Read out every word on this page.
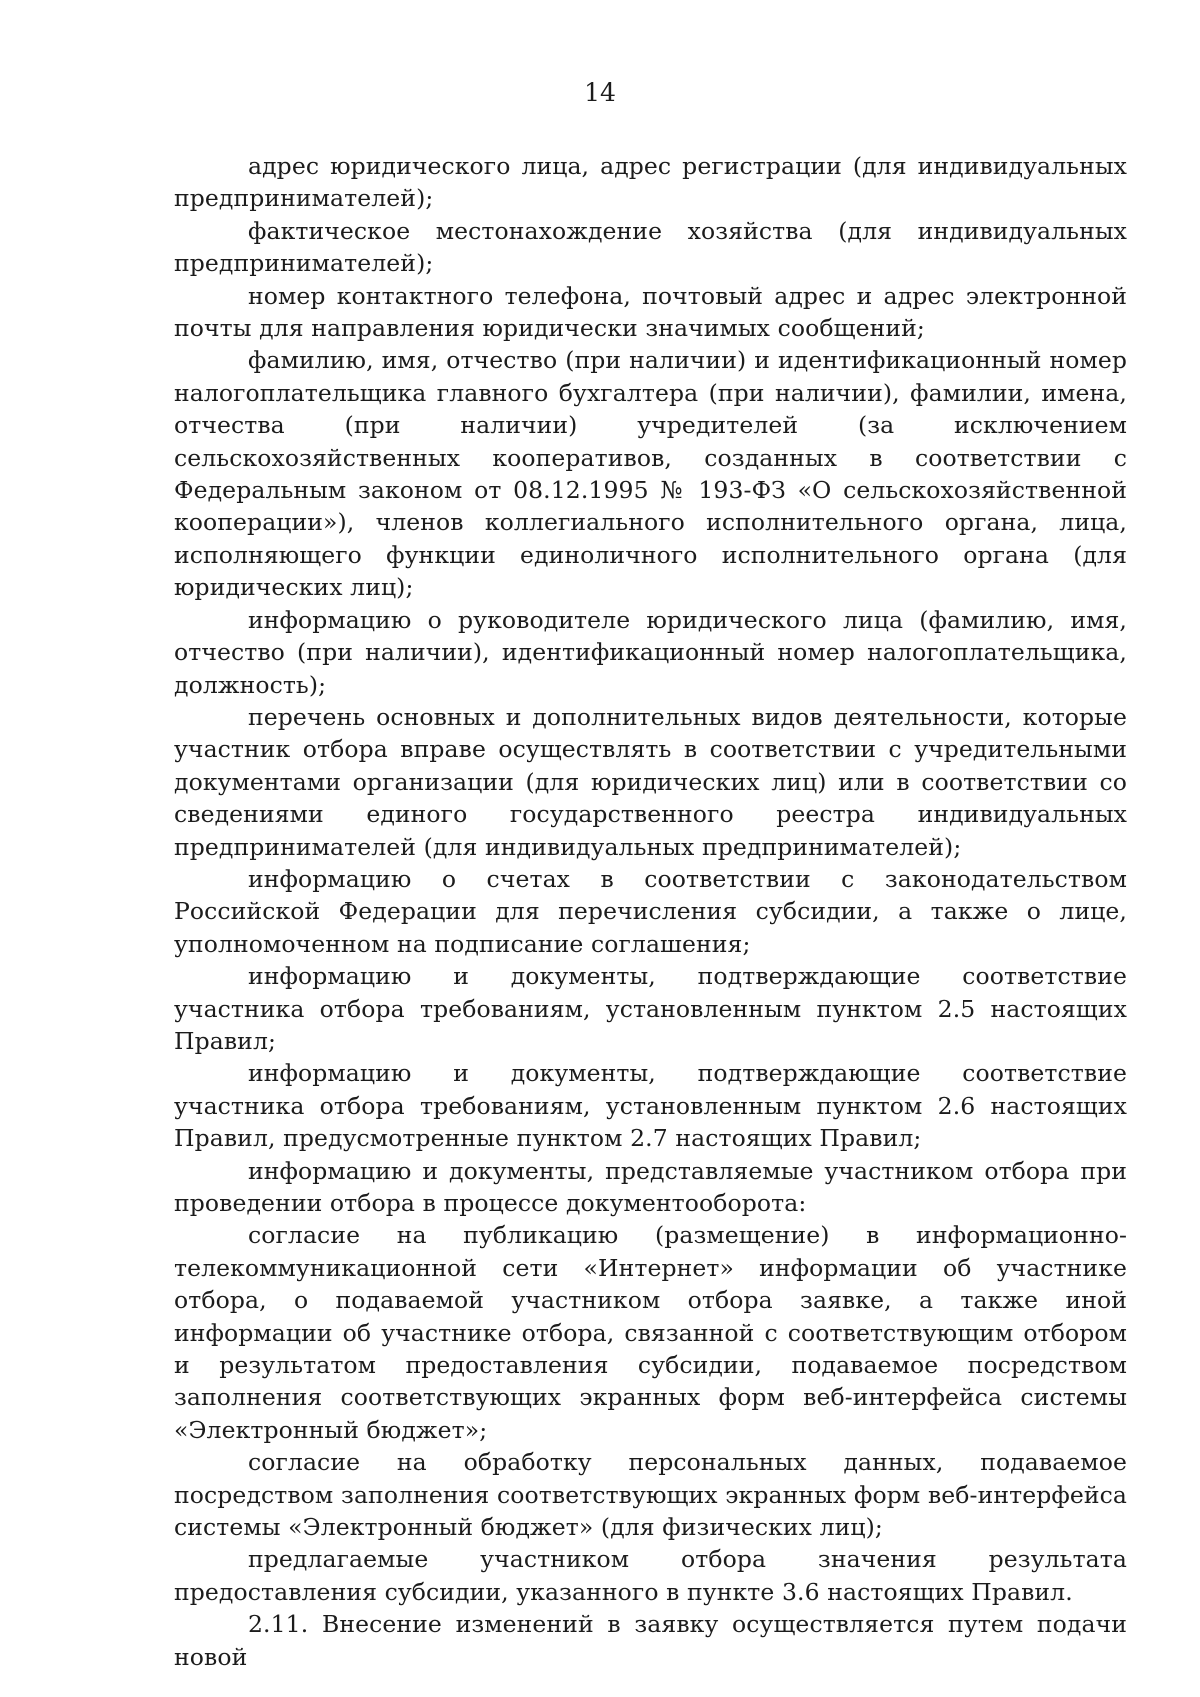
14

адрес юридического лица, адрес регистрации (для индивидуальных предпринимателей);

фактическое местонахождение хозяйства (для индивидуальных предпринимателей);

номер контактного телефона, почтовый адрес и адрес электронной почты для направления юридически значимых сообщений;

фамилию, имя, отчество (при наличии) и идентификационный номер налогоплательщика главного бухгалтера (при наличии), фамилии, имена, отчества (при наличии) учредителей (за исключением сельскохозяйственных кооперативов, созданных в соответствии с Федеральным законом от 08.12.1995 № 193-ФЗ «О сельскохозяйственной кооперации»), членов коллегиального исполнительного органа, лица, исполняющего функции единоличного исполнительного органа (для юридических лиц);

информацию о руководителе юридического лица (фамилию, имя, отчество (при наличии), идентификационный номер налогоплательщика, должность);

перечень основных и дополнительных видов деятельности, которые участник отбора вправе осуществлять в соответствии с учредительными документами организации (для юридических лиц) или в соответствии со сведениями единого государственного реестра индивидуальных предпринимателей (для индивидуальных предпринимателей);

информацию о счетах в соответствии с законодательством Российской Федерации для перечисления субсидии, а также о лице, уполномоченном на подписание соглашения;

информацию и документы, подтверждающие соответствие участника отбора требованиям, установленным пунктом 2.5 настоящих Правил;

информацию и документы, подтверждающие соответствие участника отбора требованиям, установленным пунктом 2.6 настоящих Правил, предусмотренные пунктом 2.7 настоящих Правил;

информацию и документы, представляемые участником отбора при проведении отбора в процессе документооборота:

согласие на публикацию (размещение) в информационно-телекоммуникационной сети «Интернет» информации об участнике отбора, о подаваемой участником отбора заявке, а также иной информации об участнике отбора, связанной с соответствующим отбором и результатом предоставления субсидии, подаваемое посредством заполнения соответствующих экранных форм веб-интерфейса системы «Электронный бюджет»;

согласие на обработку персональных данных, подаваемое посредством заполнения соответствующих экранных форм веб-интерфейса системы «Электронный бюджет» (для физических лиц);

предлагаемые участником отбора значения результата предоставления субсидии, указанного в пункте 3.6 настоящих Правил.

2.11. Внесение изменений в заявку осуществляется путем подачи новой
